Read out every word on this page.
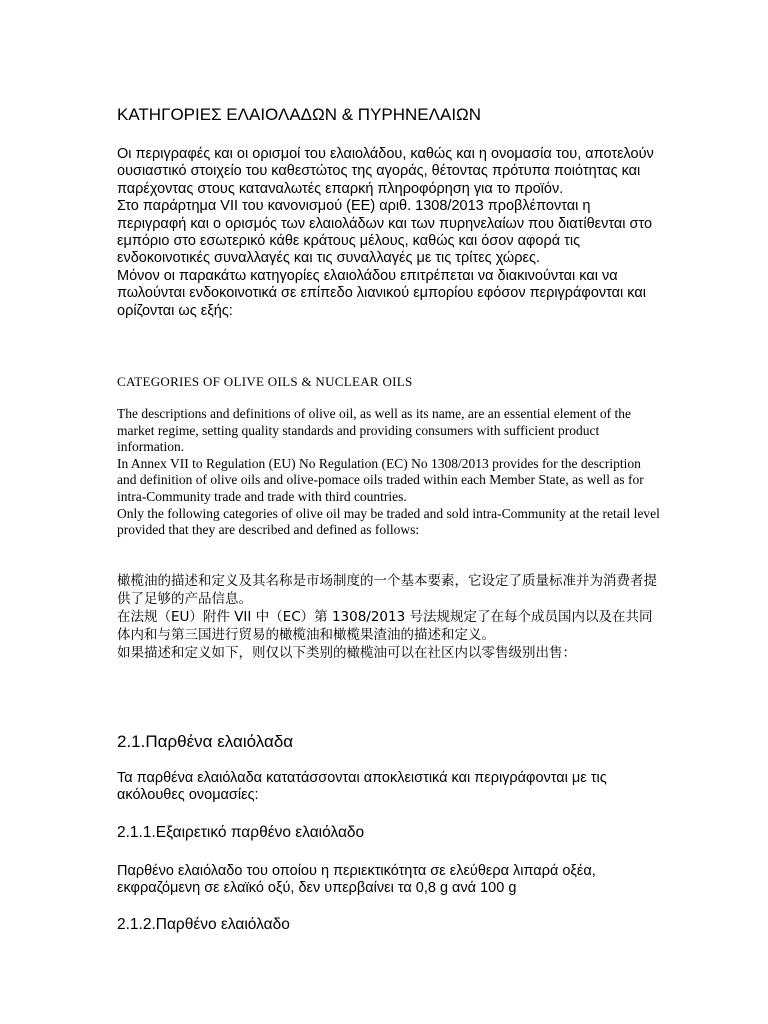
ΚΑΤΗΓΟΡΙΕΣ ΕΛΑΙΟΛΑΔΩΝ & ΠΥΡΗΝΕΛΑΙΩΝ

Οι περιγραφές και οι ορισμοί του ελαιολάδου, καθώς και η ονομασία του, αποτελούν ουσιαστικό στοιχείο του καθεστώτος της αγοράς, θέτοντας πρότυπα ποιότητας και παρέχοντας στους καταναλωτές επαρκή πληροφόρηση για το προϊόν.

Στο παράρτημα VII του κανονισμού (ΕΕ) αριθ. 1308/2013 προβλέπονται η περιγραφή και ο ορισμός των ελαιολάδων και των πυρηνελαίων που διατίθενται στο εμπόριο στο εσωτερικό κάθε κράτους μέλους, καθώς και όσον αφορά τις ενδοκοινοτικές συναλλαγές και τις συναλλαγές με τις τρίτες χώρες.

Μόνον οι παρακάτω κατηγορίες ελαιολάδου επιτρέπεται να διακινούνται και να πωλούνται ενδοκοινοτικά σε επίπεδο λιανικού εμπορίου εφόσον περιγράφονται και ορίζονται ως εξής:

CATEGORIES OF OLIVE OILS & NUCLEAR OILS

The descriptions and definitions of olive oil, as well as its name, are an essential element of the market regime, setting quality standards and providing consumers with sufficient product information.

In Annex VII to Regulation (EU) No Regulation (EC) No 1308/2013 provides for the description and definition of olive oils and olive-pomace oils traded within each Member State, as well as for intra-Community trade and trade with third countries.

Only the following categories of olive oil may be traded and sold intra-Community at the retail level provided that they are described and defined as follows:

橄榄油的描述和定义及其名称是市场制度的一个基本要素，它设定了质量标准并为消费者提供了足够的产品信息。

在法规（EU）附件 VII 中（EC）第 1308/2013 号法规规定了在每个成员国内以及在共同体内和与第三国进行贸易的橄榄油和橄榄果渣油的描述和定义。

如果描述和定义如下，则仅以下类别的橄榄油可以在社区内以零售级别出售：

2.1.Παρθένα ελαιόλαδα

Τα παρθένα ελαιόλαδα κατατάσσονται αποκλειστικά και περιγράφονται με τις ακόλουθες ονομασίες:

2.1.1.Εξαιρετικό παρθένο ελαιόλαδο

Παρθένο ελαιόλαδο του οποίου η περιεκτικότητα σε ελεύθερα λιπαρά οξέα, εκφραζόμενη σε ελαϊκό οξύ, δεν υπερβαίνει τα 0,8 g ανά 100 g

2.1.2.Παρθένο ελαιόλαδο
